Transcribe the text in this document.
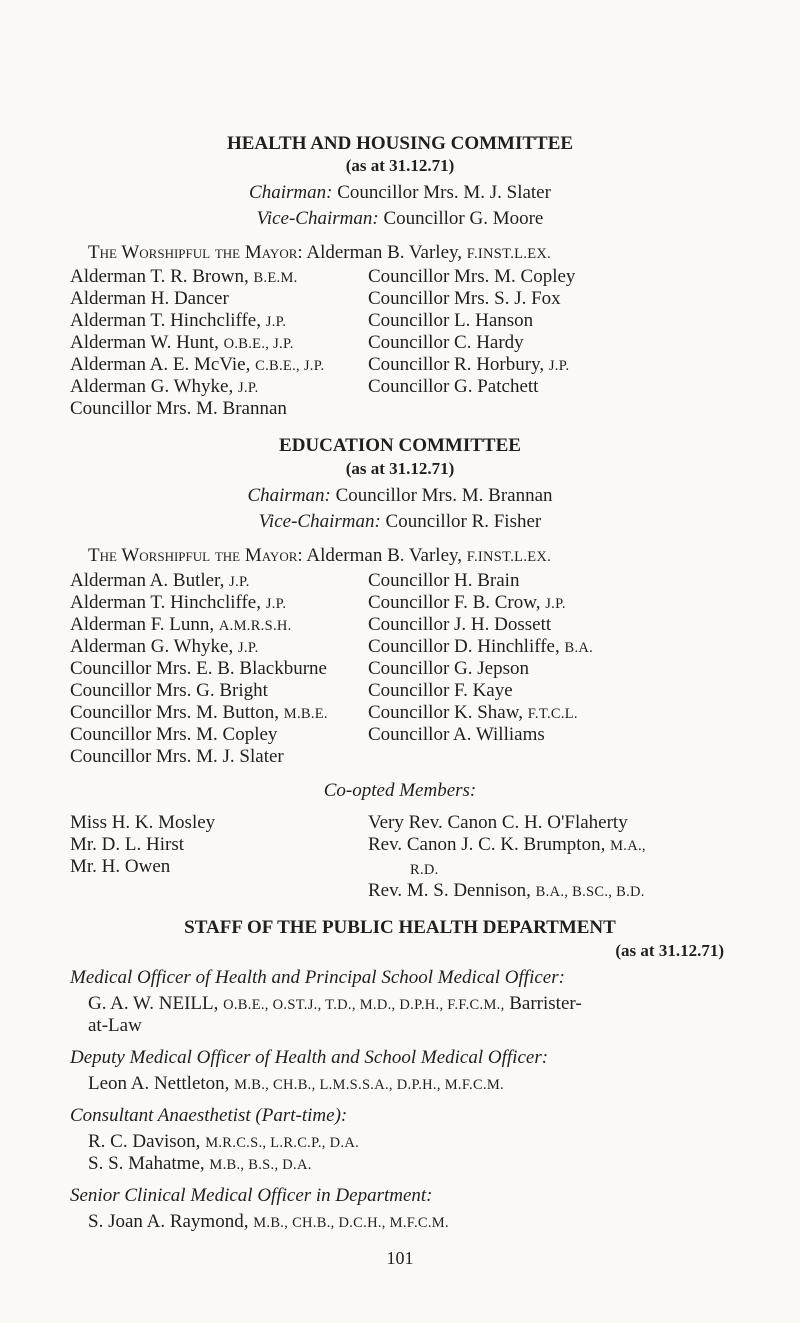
HEALTH AND HOUSING COMMITTEE
(as at 31.12.71)
Chairman: Councillor Mrs. M. J. Slater
Vice-Chairman: Councillor G. Moore
The Worshipful the Mayor: Alderman B. Varley, F.INST.L.EX.
Alderman T. R. Brown, B.E.M.
Alderman H. Dancer
Alderman T. Hinchcliffe, J.P.
Alderman W. Hunt, O.B.E., J.P.
Alderman A. E. McVie, C.B.E., J.P.
Alderman G. Whyke, J.P.
Councillor Mrs. M. Brannan
Councillor Mrs. M. Copley
Councillor Mrs. S. J. Fox
Councillor L. Hanson
Councillor C. Hardy
Councillor R. Horbury, J.P.
Councillor G. Patchett
EDUCATION COMMITTEE
(as at 31.12.71)
Chairman: Councillor Mrs. M. Brannan
Vice-Chairman: Councillor R. Fisher
The Worshipful the Mayor: Alderman B. Varley, F.INST.L.EX.
Alderman A. Butler, J.P.
Alderman T. Hinchcliffe, J.P.
Alderman F. Lunn, A.M.R.S.H.
Alderman G. Whyke, J.P.
Councillor Mrs. E. B. Blackburne
Councillor Mrs. G. Bright
Councillor Mrs. M. Button, M.B.E.
Councillor Mrs. M. Copley
Councillor Mrs. M. J. Slater
Councillor H. Brain
Councillor F. B. Crow, J.P.
Councillor J. H. Dossett
Councillor D. Hinchliffe, B.A.
Councillor G. Jepson
Councillor F. Kaye
Councillor K. Shaw, F.T.C.L.
Councillor A. Williams
Co-opted Members:
Miss H. K. Mosley
Mr. D. L. Hirst
Mr. H. Owen
Very Rev. Canon C. H. O'Flaherty
Rev. Canon J. C. K. Brumpton, M.A.,
R.D.
Rev. M. S. Dennison, B.A., B.SC., B.D.
STAFF OF THE PUBLIC HEALTH DEPARTMENT
(as at 31.12.71)
Medical Officer of Health and Principal School Medical Officer:
G. A. W. NEILL, O.B.E., O.ST.J., T.D., M.D., D.P.H., F.F.C.M., Barrister-
at-Law
Deputy Medical Officer of Health and School Medical Officer:
Leon A. Nettleton, M.B., CH.B., L.M.S.S.A., D.P.H., M.F.C.M.
Consultant Anaesthetist (Part-time):
R. C. Davison, M.R.C.S., L.R.C.P., D.A.
S. S. Mahatme, M.B., B.S., D.A.
Senior Clinical Medical Officer in Department:
S. Joan A. Raymond, M.B., CH.B., D.C.H., M.F.C.M.
101
